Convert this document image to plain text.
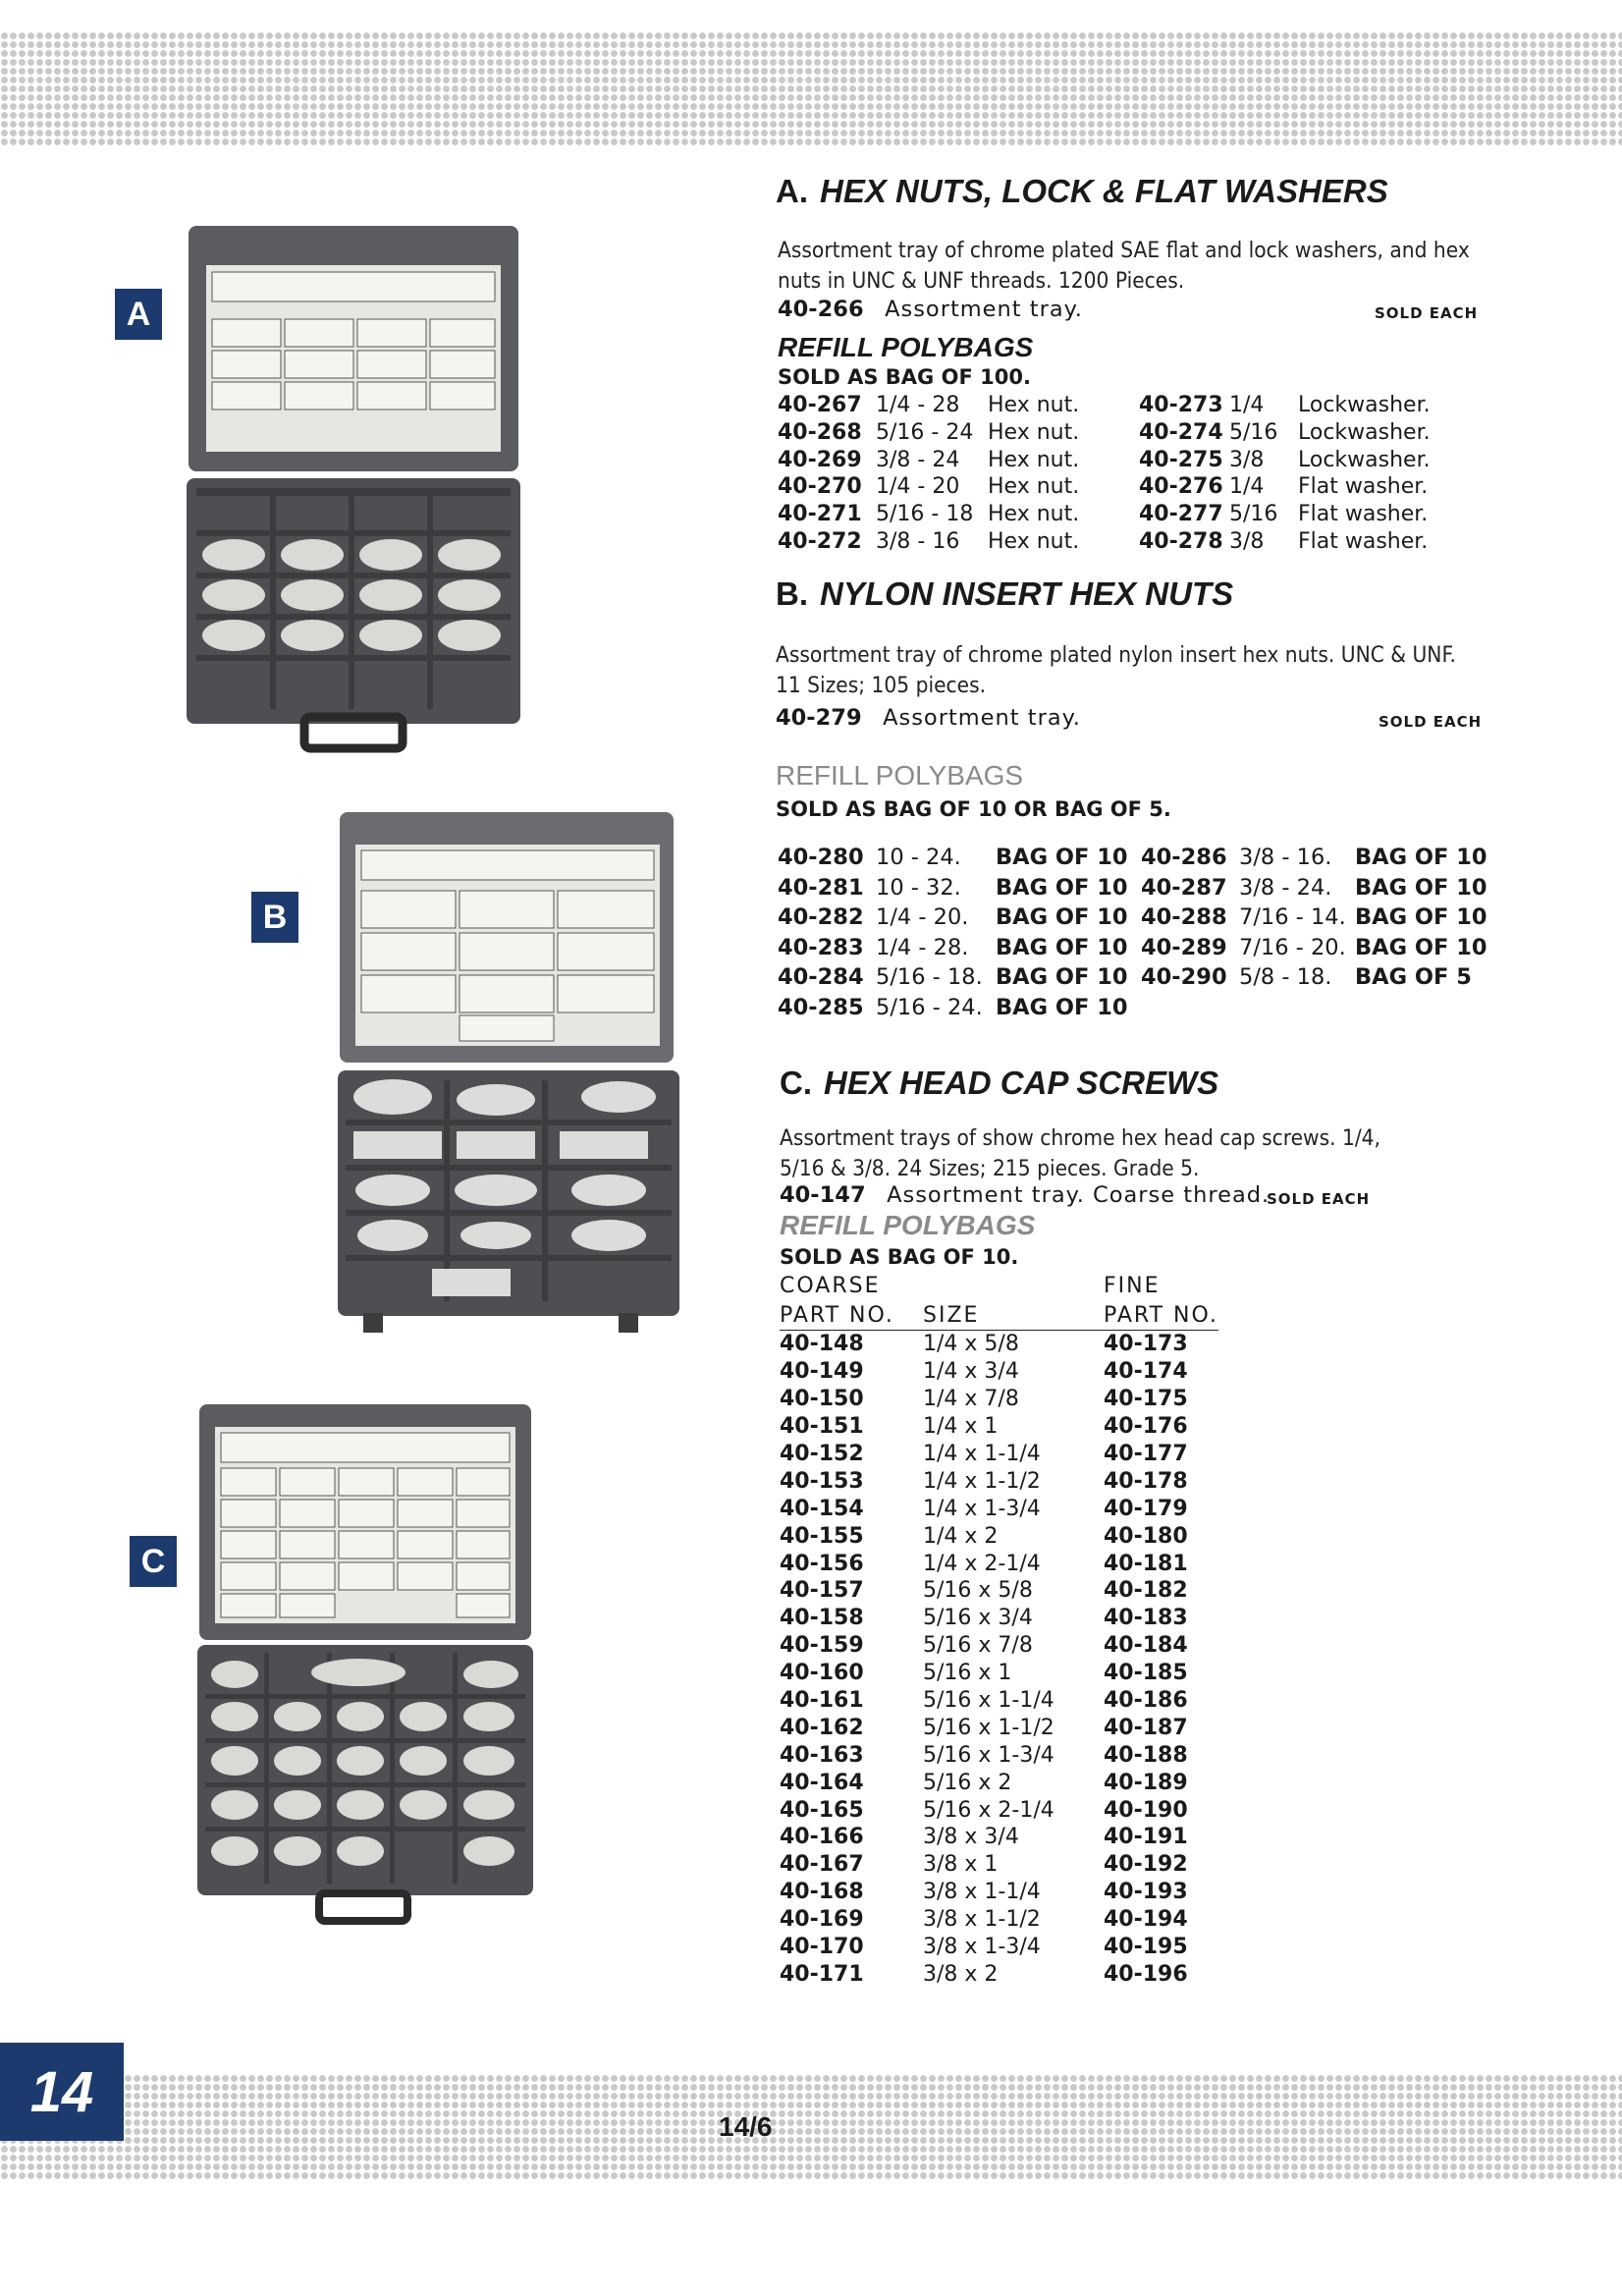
A
B
C
A. HEX NUTS, LOCK & FLAT WASHERS

Assortment tray of chrome plated SAE flat and lock washers, and hex nuts in UNC & UNF threads. 1200 Pieces.

40-266 Assortment tray.	SOLD EACH
REFILL POLYBAGS
SOLD AS BAG OF 100.
40-267	1/4 - 28	Hex nut.
40-268	5/16 - 24	Hex nut.
40-269	3/8 - 24	Hex nut.
40-270	1/4 - 20	Hex nut.
40-271	5/16 - 18	Hex nut.
40-272	3/8 - 16	Hex nut.
40-273	1/4	Lockwasher.
40-274	5/16	Lockwasher.
40-275	3/8	Lockwasher.
40-276	1/4	Flat washer.
40-277	5/16	Flat washer.
40-278	3/8	Flat washer.
B. NYLON INSERT HEX NUTS

Assortment tray of chrome plated nylon insert hex nuts. UNC & UNF. 11 Sizes; 105 pieces.

40-279 Assortment tray.	SOLD EACH
REFILL POLYBAGS
SOLD AS BAG OF 10 OR BAG OF 5.
40-280	10 - 24.	BAG OF 10
40-281	10 - 32.	BAG OF 10
40-282	1/4 - 20.	BAG OF 10
40-283	1/4 - 28.	BAG OF 10
40-284	5/16 - 18.	BAG OF 10
40-285	5/16 - 24.	BAG OF 10
40-286	3/8 - 16.	BAG OF 10
40-287	3/8 - 24.	BAG OF 10
40-288	7/16 - 14.	BAG OF 10
40-289	7/16 - 20.	BAG OF 10
40-290	5/8 - 18.	BAG OF 5
C. HEX HEAD CAP SCREWS

Assortment trays of show chrome hex head cap screws. 1/4, 5/16 & 3/8. 24 Sizes; 215 pieces. Grade 5.

40-147 Assortment tray. Coarse thread.
SOLD EACH
REFILL POLYBAGS
SOLD AS BAG OF 10.
COARSE		FINE
PART NO.	SIZE	PART NO.
40-148	1/4 x 5/8	40-173
40-149	1/4 x 3/4	40-174
40-150	1/4 x 7/8	40-175
40-151	1/4 x 1	40-176
40-152	1/4 x 1-1/4	40-177
40-153	1/4 x 1-1/2	40-178
40-154	1/4 x 1-3/4	40-179
40-155	1/4 x 2	40-180
40-156	1/4 x 2-1/4	40-181
40-157	5/16 x 5/8	40-182
40-158	5/16 x 3/4	40-183
40-159	5/16 x 7/8	40-184
40-160	5/16 x 1	40-185
40-161	5/16 x 1-1/4	40-186
40-162	5/16 x 1-1/2	40-187
40-163	5/16 x 1-3/4	40-188
40-164	5/16 x 2	40-189
40-165	5/16 x 2-1/4	40-190
40-166	3/8 x 3/4	40-191
40-167	3/8 x 1	40-192
40-168	3/8 x 1-1/4	40-193
40-169	3/8 x 1-1/2	40-194
40-170	3/8 x 1-3/4	40-195
40-171	3/8 x 2	40-196
14
14/6
